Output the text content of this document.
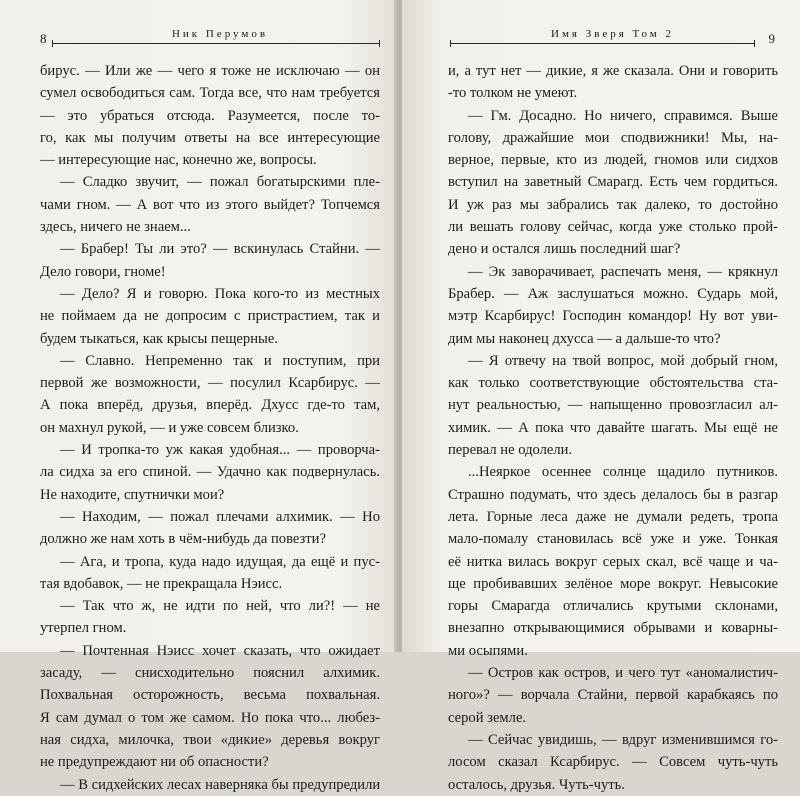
8	Ник Перумов
бирус. — Или же — чего я тоже не исключаю — он
сумел освободиться сам. Тогда все, что нам требуется
— это убраться отсюда. Разумеется, после то-
го, как мы получим ответы на все интересующие
— интересующие нас, конечно же, вопросы.
— Сладко звучит, — пожал богатырскими пле-
чами гном. — А вот что из этого выйдет? Топчемся
здесь, ничего не знаем...
— Брабер! Ты ли это? — вскинулась Стайни. —
Дело говори, гноме!
— Дело? Я и говорю. Пока кого-то из местных
не поймаем да не допросим с пристрастием, так и
будем тыкаться, как крысы пещерные.
— Славно. Непременно так и поступим, при
первой же возможности, — посулил Ксарбирус. —
А пока вперёд, друзья, вперёд. Дхусс где-то там,
он махнул рукой, — и уже совсем близко.
— И тропка-то уж какая удобная... — проворча-
ла сидха за его спиной. — Удачно как подвернулась.
Не находите, спутнички мои?
— Находим, — пожал плечами алхимик. — Но
должно же нам хоть в чём-нибудь да повезти?
— Ага, и тропа, куда надо идущая, да ещё и пус-
тая вдобавок, — не прекращала Нэисс.
— Так что ж, не идти по ней, что ли?! — не
утерпел гном.
— Почтенная Нэисс хочет сказать, что ожидает
засаду, — снисходительно пояснил алхимик.
Похвальная осторожность, весьма похвальная.
Я сам думал о том же самом. Но пока что... любез-
ная сидха, милочка, твои «дикие» деревья вокруг
не предупреждают ни об опасности?
— В сидхейских лесах наверняка бы предупредили
Имя Зверя Том 2	9
и, а тут нет — дикие, я же сказала. Они и говорить
-то толком не умеют.
— Гм. Досадно. Но ничего, справимся. Выше
голову, дражайшие мои сподвижники! Мы, на-
верное, первые, кто из людей, гномов или сидхов
вступил на заветный Смарагд. Есть чем гордиться.
И уж раз мы забрались так далеко, то достойно
ли вешать голову сейчас, когда уже столько прой-
дено и остался лишь последний шаг?
— Эк заворачивает, распечать меня, — крякнул
Брабер. — Аж заслушаться можно. Сударь мой,
мэтр Ксарбирус! Господин командор! Ну вот уви-
дим мы наконец дхусса — а дальше-то что?
— Я отвечу на твой вопрос, мой добрый гном,
как только соответствующие обстоятельства ста-
нут реальностью, — напыщенно провозгласил ал-
химик. — А пока что давайте шагать. Мы ещё не
перевал не одолели.
...Неяркое осеннее солнце щадило путников.
Страшно подумать, что здесь делалось бы в разгар
лета. Горные леса даже не думали редеть, тропа
мало-помалу становилась всё уже и уже. Тонкая
её нитка вилась вокруг серых скал, всё чаще и ча-
ще пробивавших зелёное море вокруг. Невысокие
горы Смарагда отличались крутыми склонами,
внезапно открывающимися обрывами и коварны-
ми осыпями.
— Остров как остров, и чего тут «аномалистич-
ного»? — ворчала Стайни, первой карабкаясь по
серой земле.
— Сейчас увидишь, — вдруг изменившимся го-
лосом сказал Ксарбирус. — Совсем чуть-чуть
осталось, друзья. Чуть-чуть.
